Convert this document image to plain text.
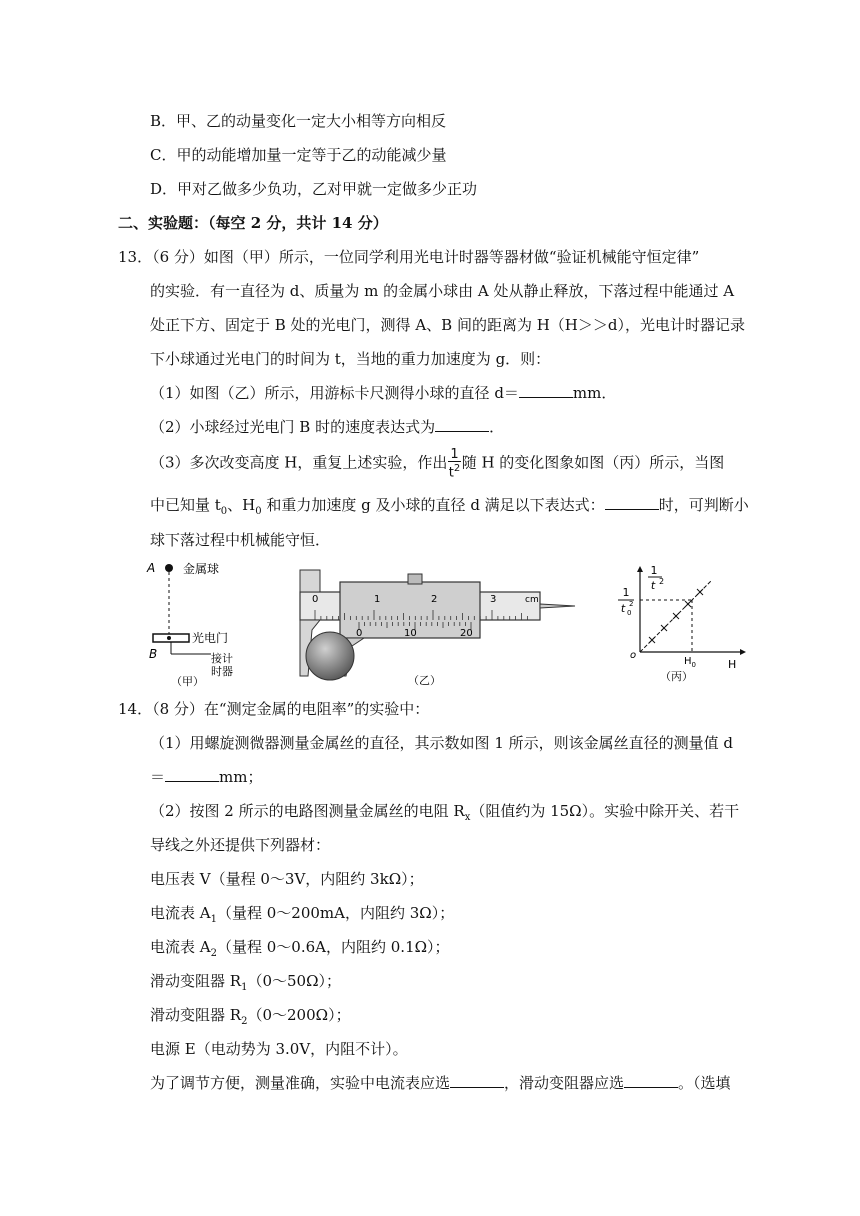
B．甲、乙的动量变化一定大小相等方向相反
C．甲的动能增加量一定等于乙的动能减少量
D．甲对乙做多少负功，乙对甲就一定做多少正功
二、实验题：（每空 2 分，共计 14 分）
13．（6 分）如图（甲）所示，一位同学利用光电计时器等器材做“验证机械能守恒定律”
的实验．有一直径为 d、质量为 m 的金属小球由 A 处从静止释放，下落过程中能通过 A
处正下方、固定于 B 处的光电门，测得 A、B 间的距离为 H（H＞＞d），光电计时器记录
下小球通过光电门的时间为 t，当地的重力加速度为 g．则：
（1）如图（乙）所示，用游标卡尺测得小球的直径 d＝	mm．
（2）小球经过光电门 B 时的速度表达式为	．
（3）多次改变高度 H，重复上述实验，作出 $\frac{1}{t^2}$ 随 H 的变化图象如图（丙）所示，当图
中已知量 $t_0$、$H_0$ 和重力加速度 g 及小球的直径 d 满足以下表达式：	时，可判断小
球下落过程中机械能守恒．
A 金属球
光电门
B	接计
时器
（甲）
0	1	2	3	cm
0	10	20
（乙）
1
t 2
1
t 0
2
o
$H_0$	H
（丙）
14．（8 分）在“测定金属的电阻率”的实验中：
（1）用螺旋测微器测量金属丝的直径，其示数如图 1 所示，则该金属丝直径的测量值 d
＝	mm；
（2）按图 2 所示的电路图测量金属丝的电阻 $R_x$（阻值约为 15Ω）。实验中除开关、若干
导线之外还提供下列器材：
电压表 V（量程 0～3V，内阻约 3kΩ）；
电流表 $A_1$（量程 0～200mA，内阻约 3Ω）；
电流表 $A_2$（量程 0～0.6A，内阻约 0.1Ω）；
滑动变阻器 $R_1(0\sim 50\Omega)$；
滑动变阻器 $R_2(0\sim 200\Omega)$；
电源 E（电动势为 3.0V，内阻不计）。
为了调节方便，测量准确，实验中电流表应选	，滑动变阻器应选	。（选填
